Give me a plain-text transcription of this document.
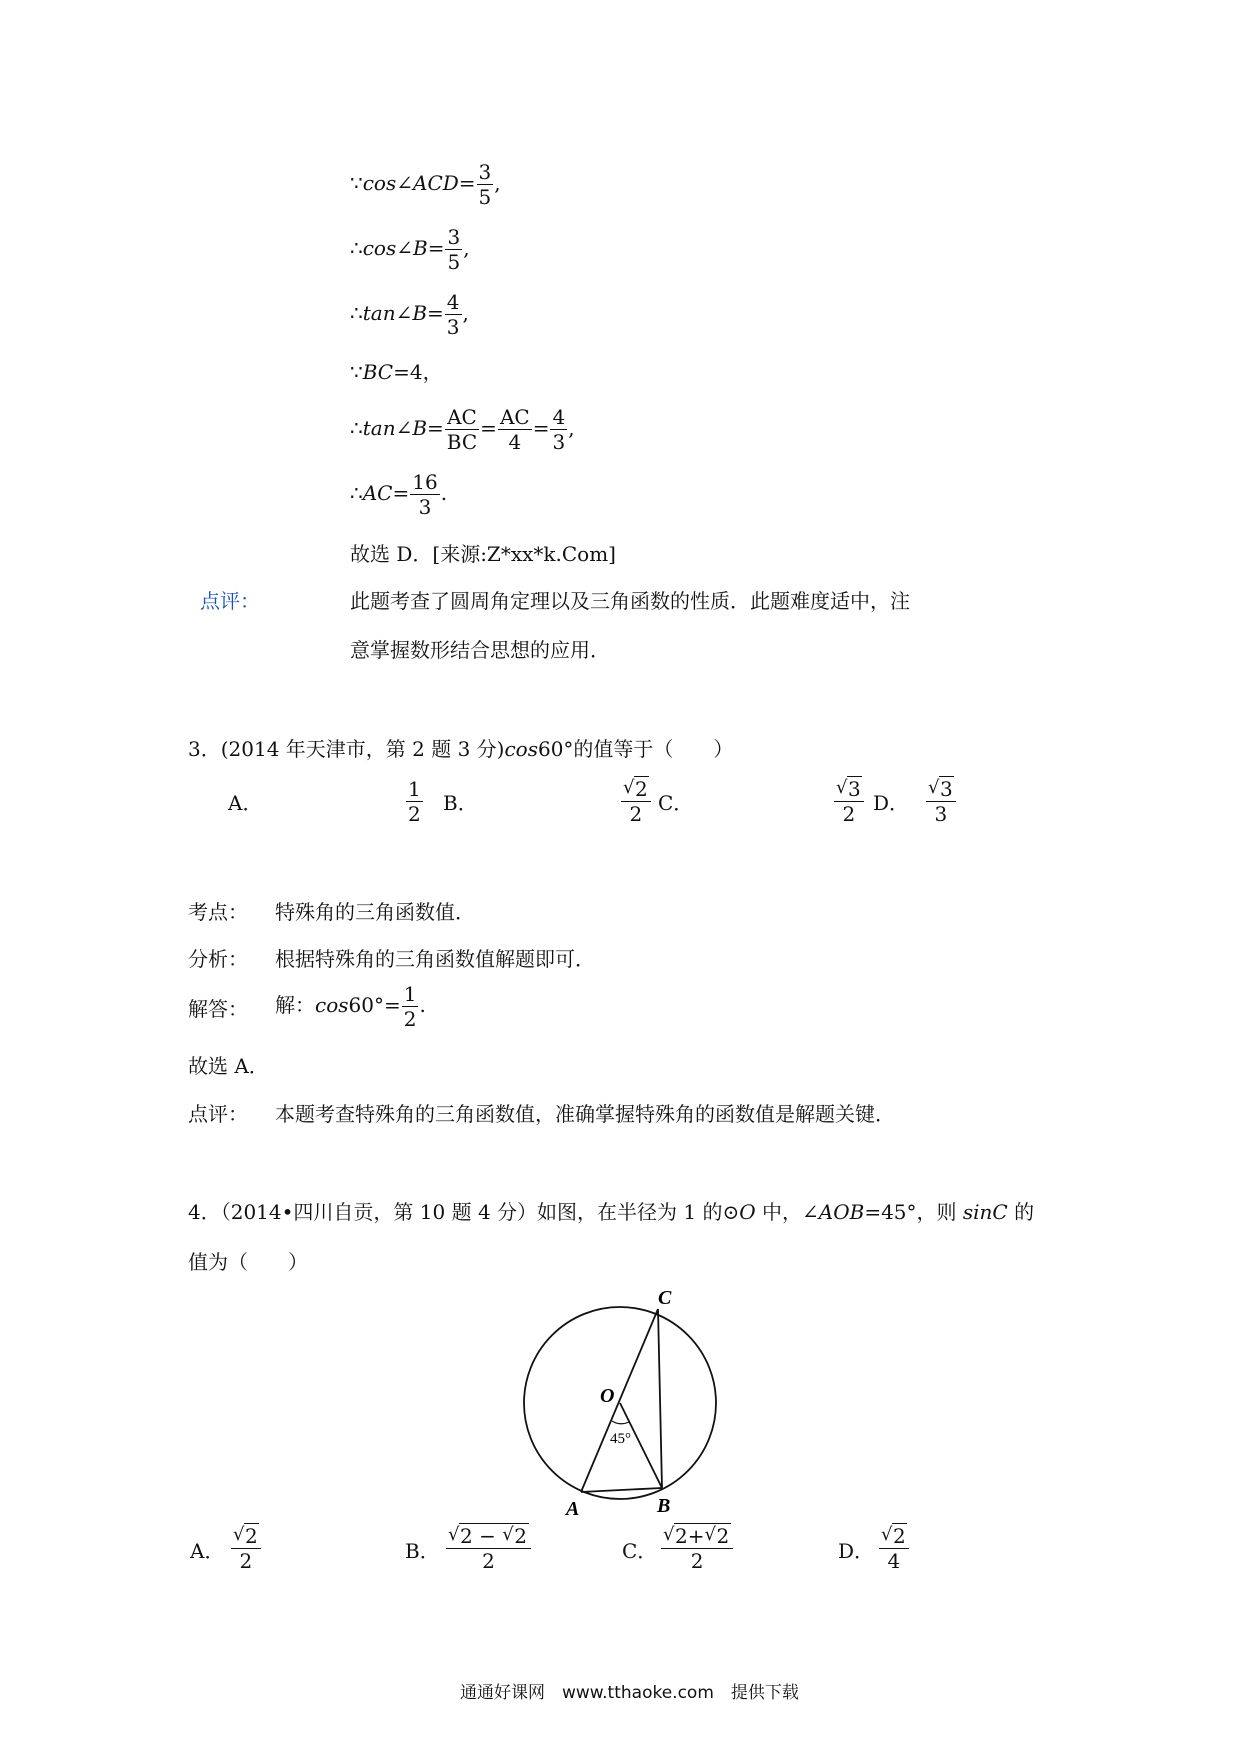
∵cos∠ACD= $\frac{3}{5}$ ,
∴cos∠B= $\frac{3}{5}$ ,
∴tan∠B= $\frac{4}{3}$ ,
∵BC=4，
∴tan∠B= $\frac{AC}{BC} = \frac{AC}{4} = \frac{4}{3}$ ,
∴AC= $\frac{16}{3}$ .
故选 D．[来源:Z*xx*k.Com]
点评：	此题考查了圆周角定理以及三角函数的性质．此题难度适中，注
意掌握数形结合思想的应用．
3．(2014 年天津市，第 2 题 3 分)cos60°的值等于（　　）
A．	$\frac{1}{2}$ B．	$\frac{√ 2}{2}$ C．	$\frac{√ 3}{2}$ D． $\frac{√ 3}{3}$
考点： 特殊角的三角函数值．
分析： 根据特殊角的三角函数值解题即可．
解答： 解：$\cos 60^\circ= \frac{1}{2}$ .
故选 A．
点评： 本题考查特殊角的三角函数值，准确掌握特殊角的函数值是解题关键．
4．（2014•四川自贡，第 10 题 4 分）如图，在半径为 1 的⊙O 中，∠AOB=45°，则 sinC 的
值为（　　）
C
O
A	B
45°
A． $\frac{√ 2}{2}$	B． $\frac{√ 2 - √ 2}{2}$	C． $\frac{√ 2+ √ 2}{2}$	D． $\frac{√ 2}{4}$
通通好课网　www.tthaoke.com　提供下载
